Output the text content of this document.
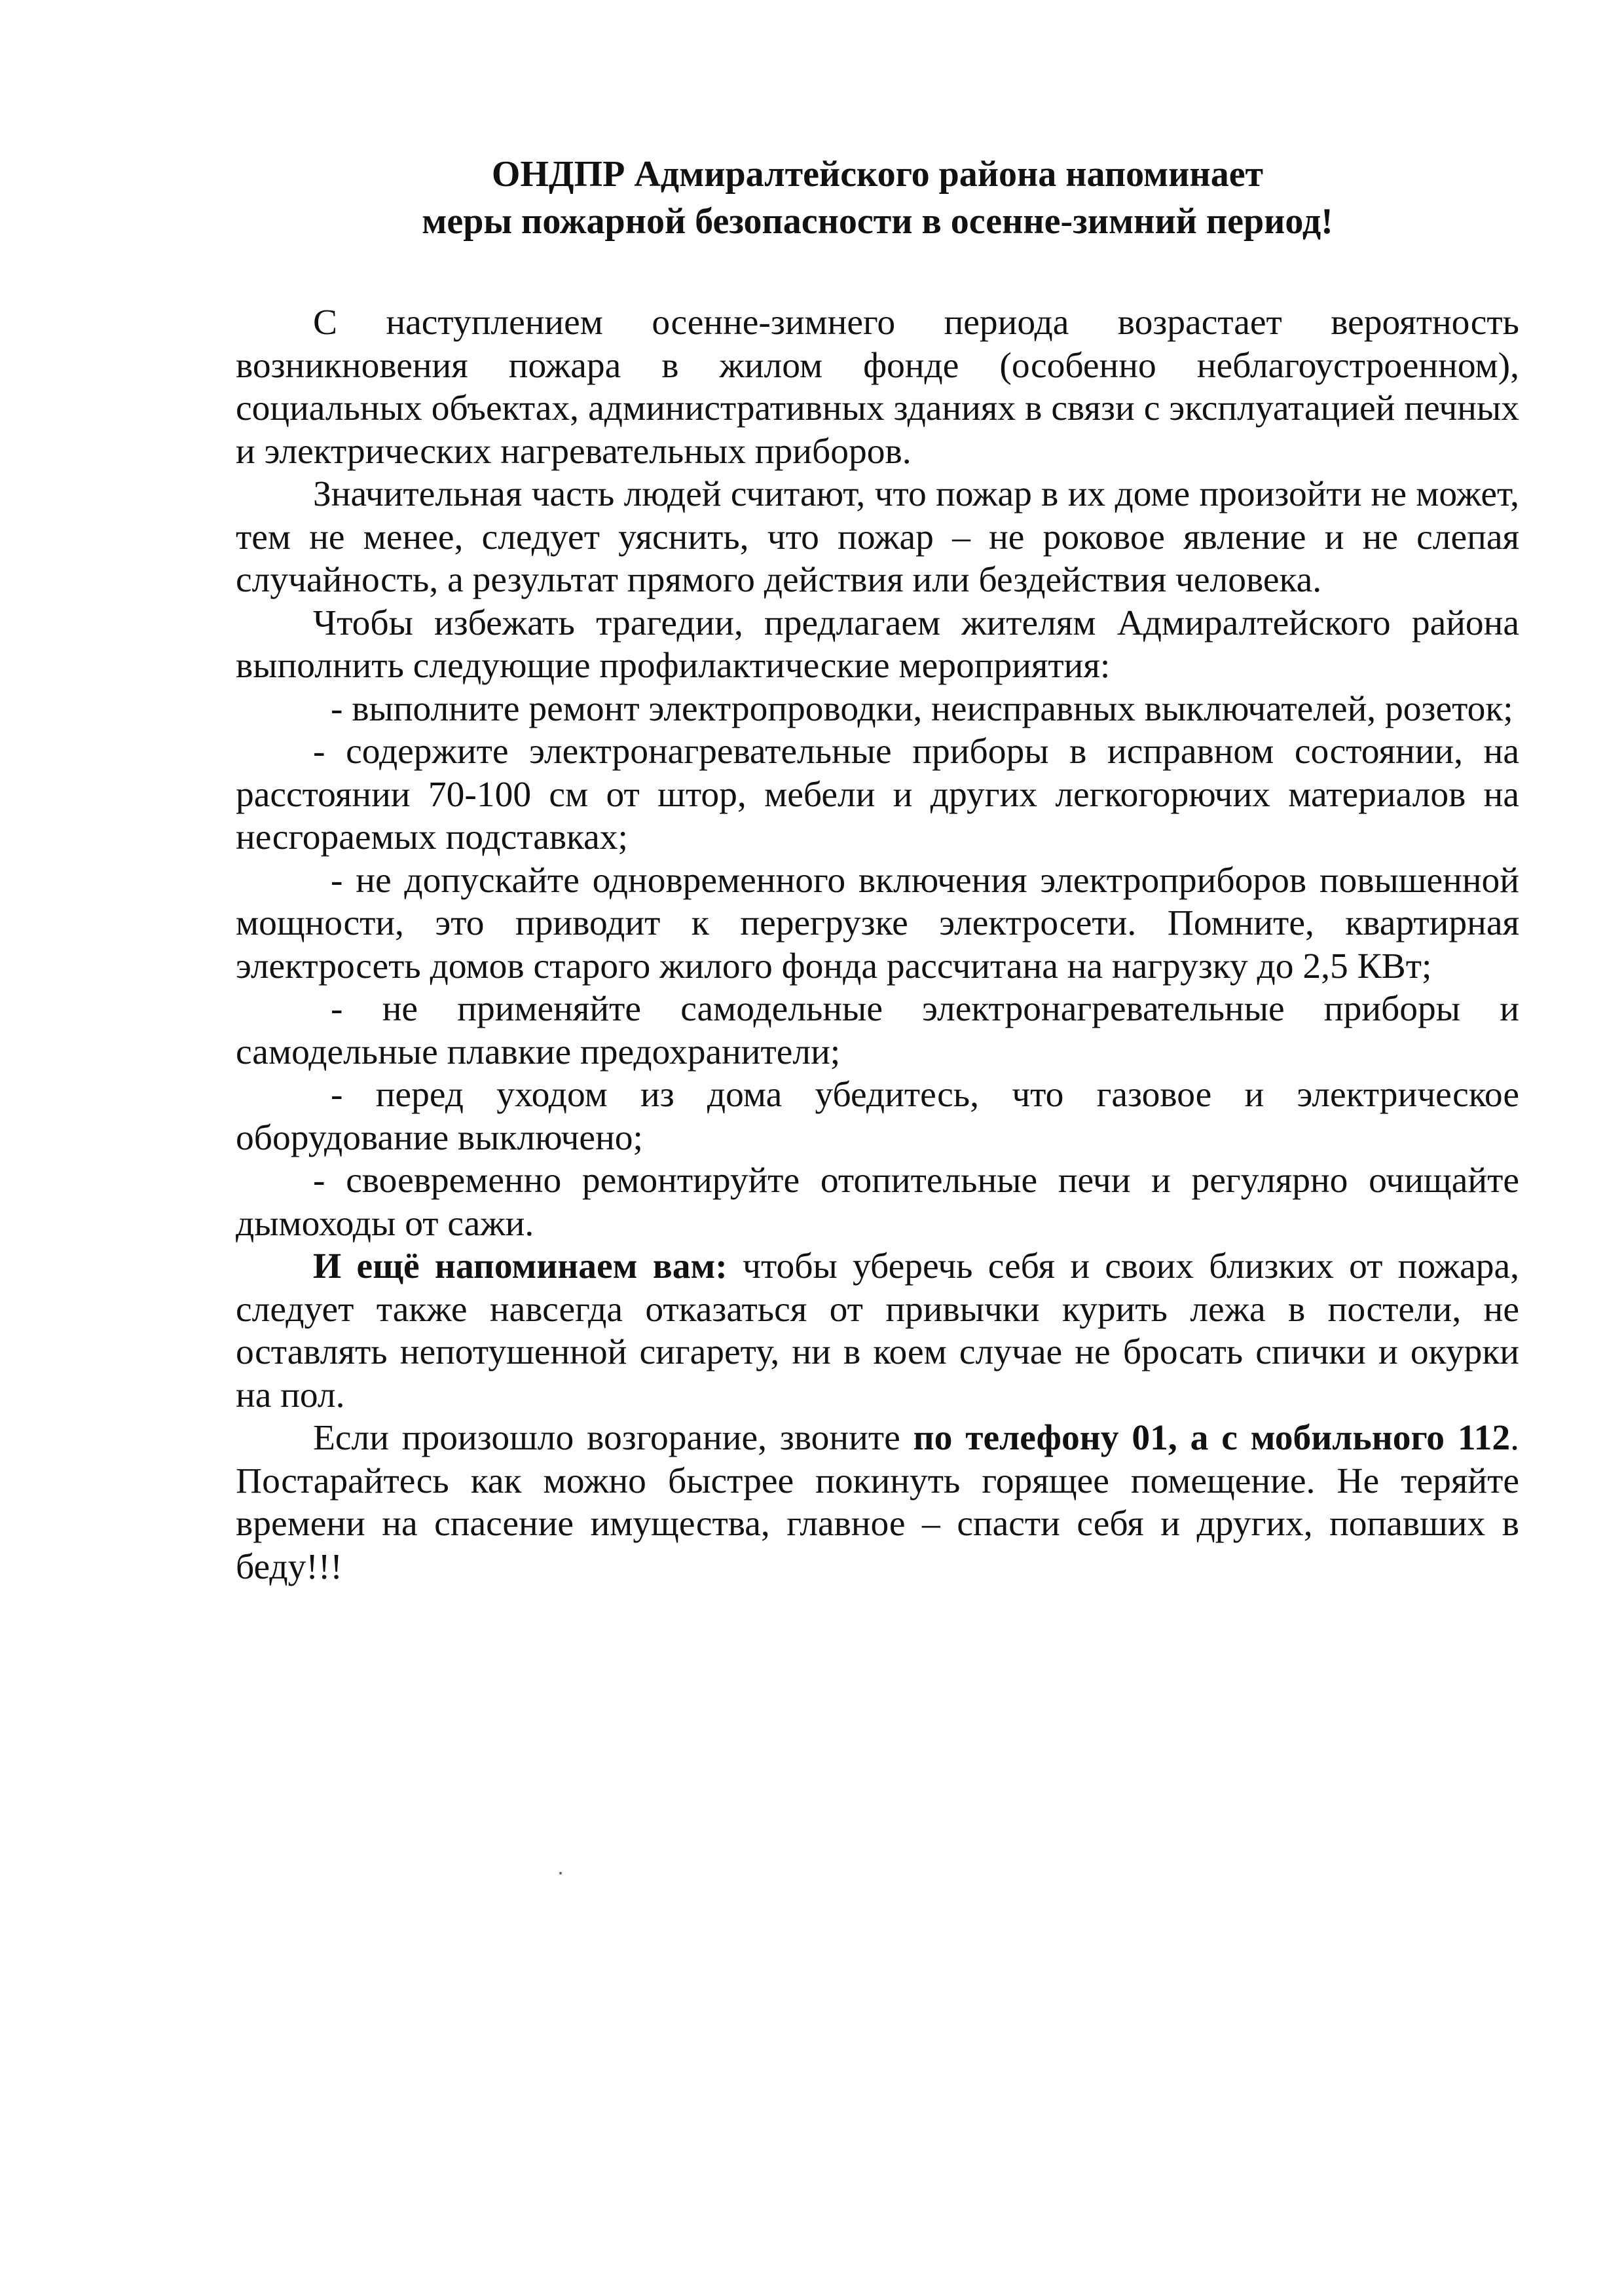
ОНДПР Адмиралтейского района напоминает
меры пожарной безопасности в осенне-зимний период!

С наступлением осенне-зимнего периода возрастает вероятность возникновения пожара в жилом фонде (особенно неблагоустроенном), социальных объектах, административных зданиях в связи с эксплуатацией печных и электрических нагревательных приборов.

Значительная часть людей считают, что пожар в их доме произойти не может, тем не менее, следует уяснить, что пожар – не роковое явление и не слепая случайность, а результат прямого действия или бездействия человека.

Чтобы избежать трагедии, предлагаем жителям Адмиралтейского района выполнить следующие профилактические мероприятия:

- выполните ремонт электропроводки, неисправных выключателей, розеток;
- содержите электронагревательные приборы в исправном состоянии, на расстоянии 70-100 см от штор, мебели и других легкогорючих материалов на несгораемых подставках;
- не допускайте одновременного включения электроприборов повышенной мощности, это приводит к перегрузке электросети. Помните, квартирная электросеть домов старого жилого фонда рассчитана на нагрузку до 2,5 КВт;
- не применяйте самодельные электронагревательные приборы и самодельные плавкие предохранители;
- перед уходом из дома убедитесь, что газовое и электрическое оборудование выключено;
- своевременно ремонтируйте отопительные печи и регулярно очищайте дымоходы от сажи.

И ещё напоминаем вам: чтобы уберечь себя и своих близких от пожара, следует также навсегда отказаться от привычки курить лежа в постели, не оставлять непотушенной сигарету, ни в коем случае не бросать спички и окурки на пол.

Если произошло возгорание, звоните по телефону 01, а с мобильного 112. Постарайтесь как можно быстрее покинуть горящее помещение. Не теряйте времени на спасение имущества, главное – спасти себя и других, попавших в беду!!!
